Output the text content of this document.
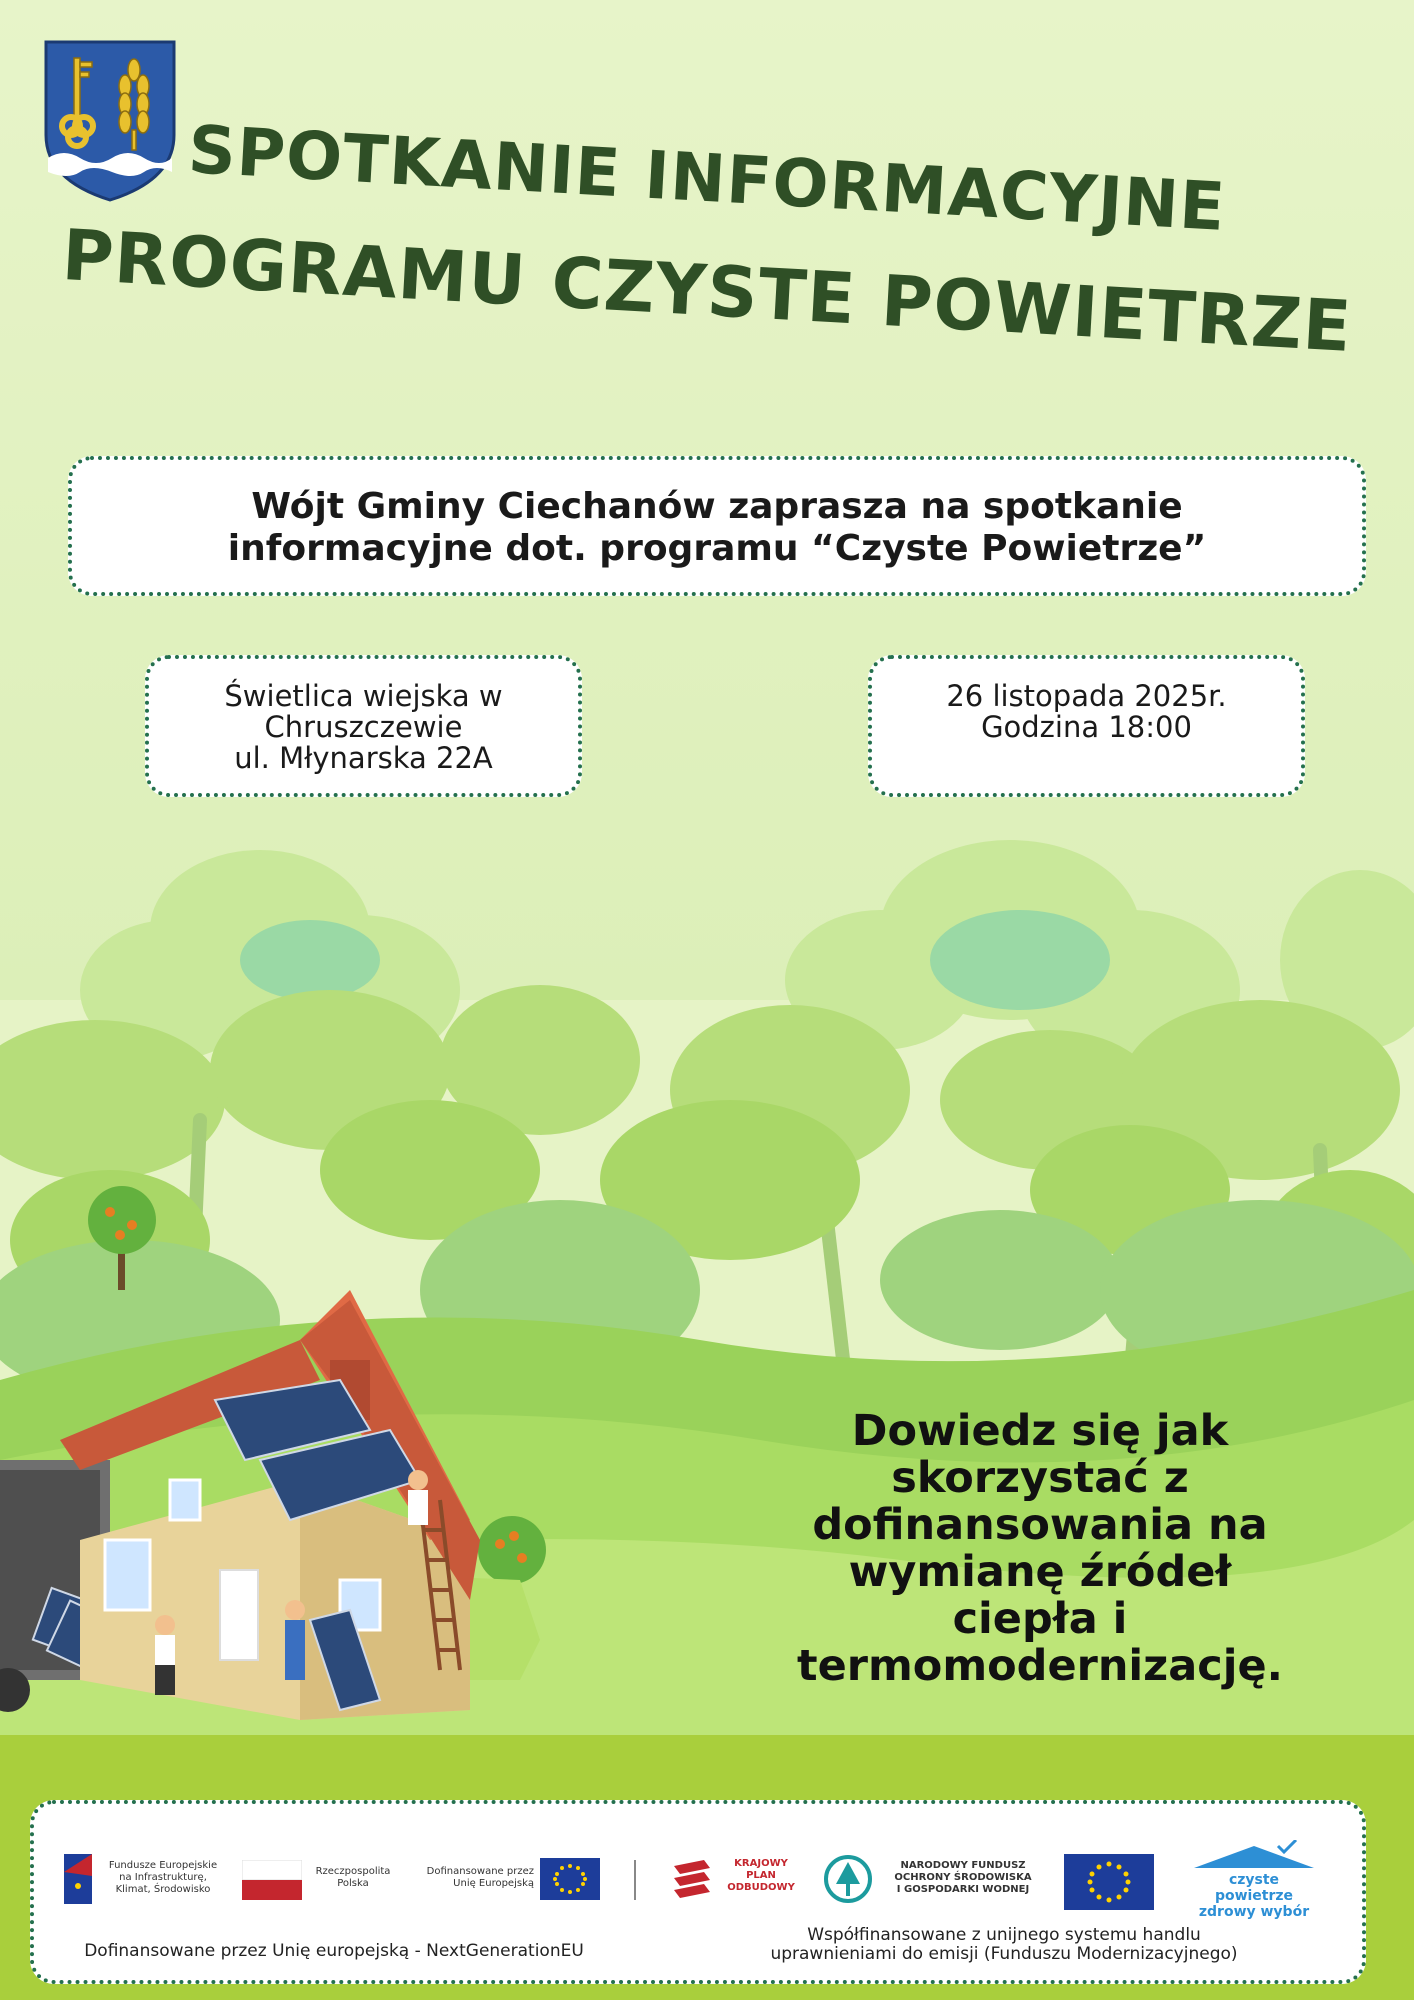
SPOTKANIE INFORMACYJNE
PROGRAMU CZYSTE POWIETRZE
Wójt Gminy Ciechanów zaprasza na spotkanie
informacyjne dot. programu “Czyste Powietrze”
Świetlica wiejska w
Chruszczewie
ul. Młynarska 22A
26 listopada 2025r.
Godzina 18:00
Dowiedz się jak
skorzystać z
dofinansowania na
wymianę źródeł
ciepła i
termomodernizację.
Fundusze Europejskie
na Infrastrukturę,
Klimat, Środowisko
Rzeczpospolita
Polska
Dofinansowane przez
Unię Europejską
KRAJOWY
PLAN
ODBUDOWY
NARODOWY FUNDUSZ
OCHRONY ŚRODOWISKA
I GOSPODARKI WODNEJ
czyste powietrze
zdrowy wybór
Dofinansowane przez Unię europejską - NextGenerationEU
Współfinansowane z unijnego systemu handlu
uprawnieniami do emisji (Funduszu Modernizacyjnego)
